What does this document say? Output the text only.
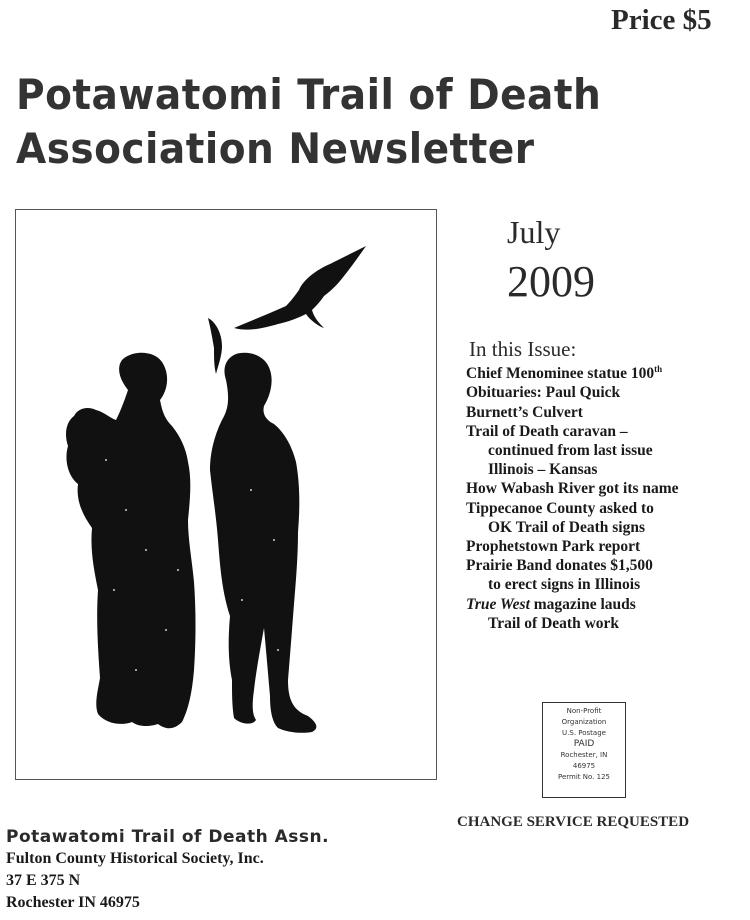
Price $5
Potawatomi Trail of Death
Association Newsletter
July
2009
In this Issue:
Chief Menominee statue 100th
Obituaries: Paul Quick
Burnett’s Culvert
Trail of Death caravan –
continued from last issue
Illinois – Kansas
How Wabash River got its name
Tippecanoe County asked to
OK Trail of Death signs
Prophetstown Park report
Prairie Band donates $1,500
to erect signs in Illinois
True West magazine lauds
Trail of Death work
Non-Profit
Organization
U.S. Postage
PAID
Rochester, IN
46975
Permit No. 125
CHANGE SERVICE REQUESTED
Potawatomi Trail of Death Assn.
Fulton County Historical Society, Inc.
37 E 375 N
Rochester IN 46975
